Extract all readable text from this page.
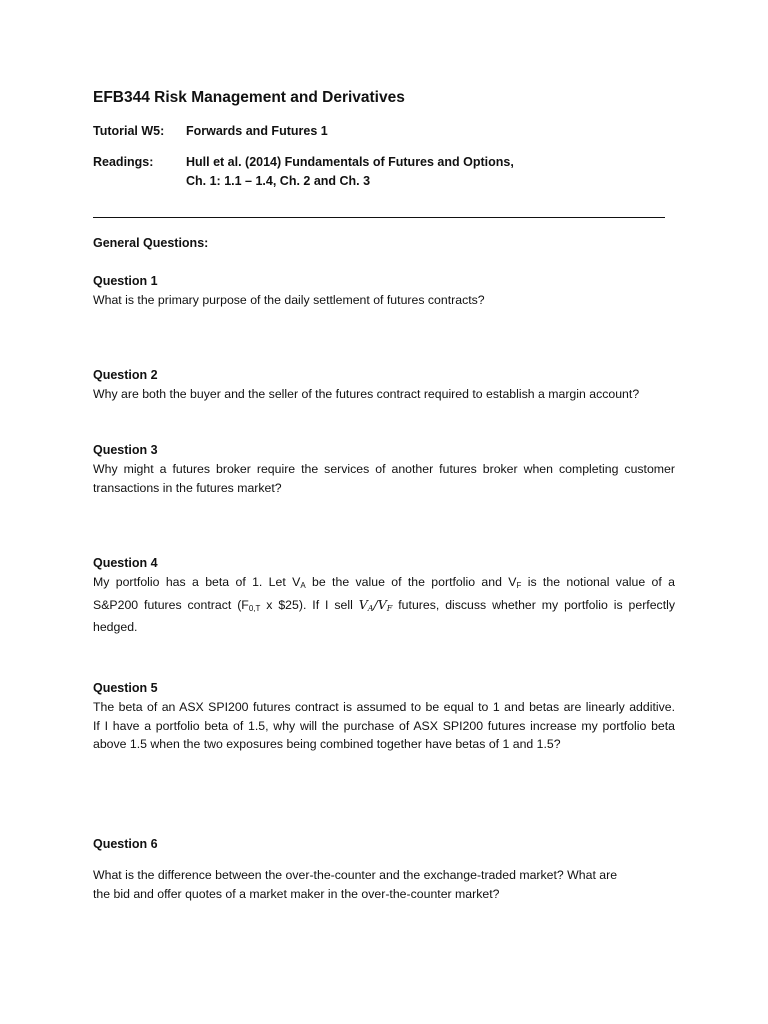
EFB344 Risk Management and Derivatives
Tutorial W5: Forwards and Futures 1
Readings:	Hull et al. (2014) Fundamentals of Futures and Options,
Ch. 1: 1.1 – 1.4, Ch. 2 and Ch. 3
General Questions:
Question 1
What is the primary purpose of the daily settlement of futures contracts?
Question 2
Why are both the buyer and the seller of the futures contract required to establish a margin account?
Question 3
Why might a futures broker require the services of another futures broker when completing customer
transactions in the futures market?
Question 4
My portfolio has a beta of 1. Let $V_A$ be the value of the portfolio and $V_F$ is the notional value of a
S&P200 futures contract ($F_{0,T}$ x $25). If I sell $V_A/V_F$ futures, discuss whether my portfolio is perfectly
hedged.
Question 5
The beta of an ASX SPI200 futures contract is assumed to be equal to 1 and betas are linearly additive.
If I have a portfolio beta of 1.5, why will the purchase of ASX SPI200 futures increase my portfolio beta
above 1.5 when the two exposures being combined together have betas of 1 and 1.5?
Question 6
What is the difference between the over-the-counter and the exchange-traded market? What are
the bid and offer quotes of a market maker in the over-the-counter market?
